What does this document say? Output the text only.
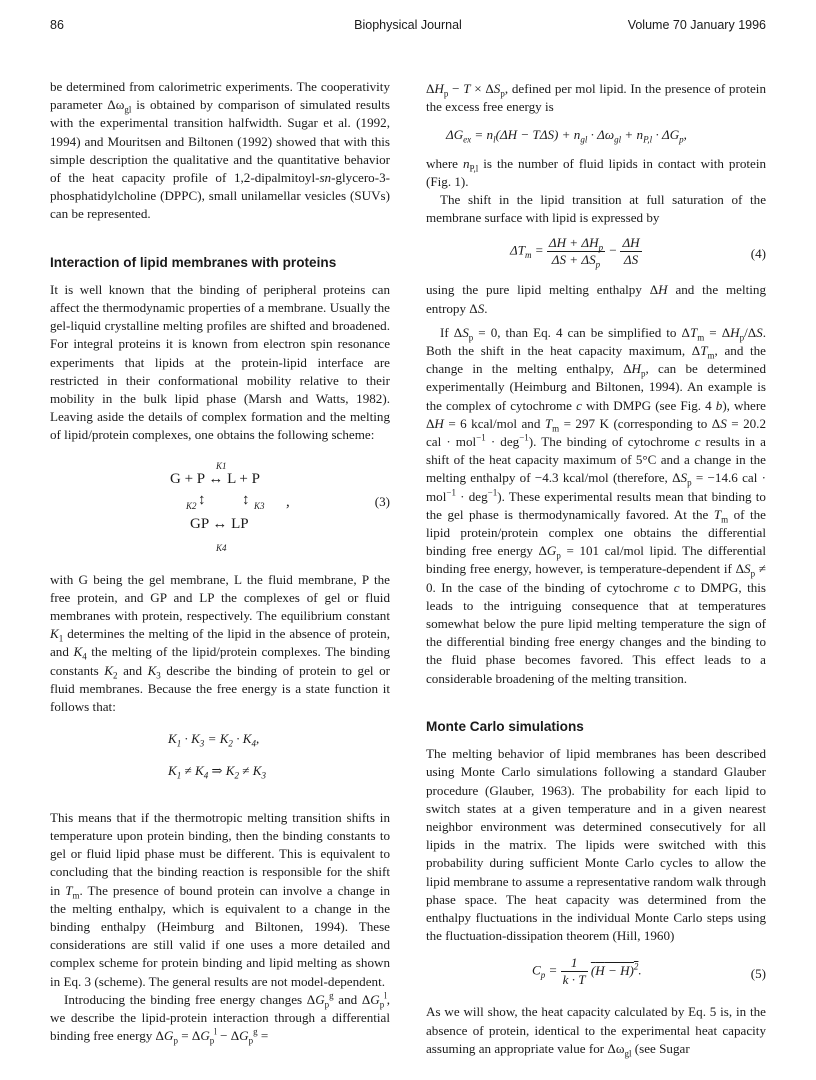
86	Biophysical Journal	Volume 70 January 1996

be determined from calorimetric experiments. The cooperativity parameter $\Delta\omega_{gl}$ is obtained by comparison of simulated results with the experimental transition halfwidth. Sugar et al. (1992, 1994) and Mouritsen and Biltonen (1992) showed that with this simple description the qualitative and the quantitative behavior of the heat capacity profile of 1,2-dipalmitoyl-sn-glycero-3-phosphatidylcholine (DPPC), small unilamellar vesicles (SUVs) can be represented.

Interaction of lipid membranes with proteins

It is well known that the binding of peripheral proteins can affect the thermodynamic properties of a membrane. Usually the gel-liquid crystalline melting profiles are shifted and broadened. For integral proteins it is known from electron spin resonance experiments that lipids at the protein-lipid interface are restricted in their conformational mobility relative to their mobility in the bulk lipid phase (Marsh and Watts, 1982). Leaving aside the details of complex formation and the melting of lipid/protein complexes, one obtains the following scheme:

K1
G + P ↔ L + P
K2 ↕ ↕ K3 ,
GP ↔ LP
K4
(3)

with G being the gel membrane, L the fluid membrane, P the free protein, and GP and LP the complexes of gel or fluid membranes with protein, respectively. The equilibrium constant $K_1$ determines the melting of the lipid in the absence of protein, and $K_4$ the melting of the lipid/protein complexes. The binding constants $K_2$ and $K_3$ describe the binding of protein to gel or fluid membranes. Because the free energy is a state function it follows that:

$K_1 \cdot K_3 = K_2 \cdot K_4$,
$K_1 \ne K_4$ ⇒ $K_2 \ne K_3$

This means that if the thermotropic melting transition shifts in temperature upon protein binding, then the binding constants to gel or fluid lipid phase must be different. This is equivalent to concluding that the binding reaction is responsible for the shift in $T_m$. The presence of bound protein can involve a change in the melting enthalpy, which is equivalent to a change in the binding enthalpy (Heimburg and Biltonen, 1994). These considerations are still valid if one uses a more detailed and complex scheme for protein binding and lipid melting as shown in Eq. 3 (scheme). The general results are not model-dependent.

Introducing the binding free energy changes $\Delta G_p^g$ and $\Delta G_p^l$, we describe the lipid-protein interaction through a differential binding free energy $\Delta G_p = \Delta G_p^l - \Delta G_p^g$ =

$\Delta H_p - T \times \Delta S_p$, defined per mol lipid. In the presence of protein the excess free energy is

$\Delta G_{ex} = n_l(\Delta H - T\Delta S) + n_{gl} \cdot \Delta\omega_{gl} + n_{P,l} \cdot \Delta G_p$,

where $n_{P,l}$ is the number of fluid lipids in contact with protein (Fig. 1).

The shift in the lipid transition at full saturation of the membrane surface with lipid is expressed by

$\Delta T_m = \frac{\Delta H + \Delta H_p}{\Delta S + \Delta S_p} - \frac{\Delta H}{\Delta S}$	(4)

using the pure lipid melting enthalpy ΔH and the melting entropy ΔS.

If $\Delta S_p = 0$, than Eq. 4 can be simplified to $\Delta T_m = \Delta H_p/\Delta S$. Both the shift in the heat capacity maximum, $\Delta T_m$, and the change in the melting enthalpy, $\Delta H_p$, can be determined experimentally (Heimburg and Biltonen, 1994). An example is the complex of cytochrome c with DMPG (see Fig. 4 b), where ΔH = 6 kcal/mol and $T_m = 297$ K (corresponding to ΔS = 20.2 cal · mol$^{-1}$ · deg$^{-1}$). The binding of cytochrome c results in a shift of the heat capacity maximum of 5°C and a change in the melting enthalpy of −4.3 kcal/mol (therefore, $\Delta S_p = -14.6$ cal · mol$^{-1}$ · deg$^{-1}$). These experimental results mean that binding to the gel phase is thermodynamically favored. At the $T_m$ of the lipid protein/protein complex one obtains the differential binding free energy $\Delta G_p = 101$ cal/mol lipid. The differential binding free energy, however, is temperature-dependent if $\Delta S_p \ne 0$. In the case of the binding of cytochrome c to DMPG, this leads to the intriguing consequence that at temperatures somewhat below the pure lipid melting temperature the sign of the differential binding free energy changes and the binding to the fluid phase becomes favored. This effect leads to a considerable broadening of the melting transition.

Monte Carlo simulations

The melting behavior of lipid membranes has been described using Monte Carlo simulations following a standard Glauber procedure (Glauber, 1963). The probability for each lipid to switch states at a given temperature and in a given nearest neighbor environment was determined consecutively for all lipids in the matrix. The lipids were switched with this probability during sufficient Monte Carlo cycles to allow the lipid membrane to assume a representative random walk through phase space. The heat capacity was determined from the enthalpy fluctuations in the individual Monte Carlo steps using the fluctuation-dissipation theorem (Hill, 1960)

$C_p = \frac{1}{k \cdot T} (H - H)^2$.	(5)

As we will show, the heat capacity calculated by Eq. 5 is, in the absence of protein, identical to the experimental heat capacity assuming an appropriate value for $\Delta\omega_{gl}$ (see Sugar
